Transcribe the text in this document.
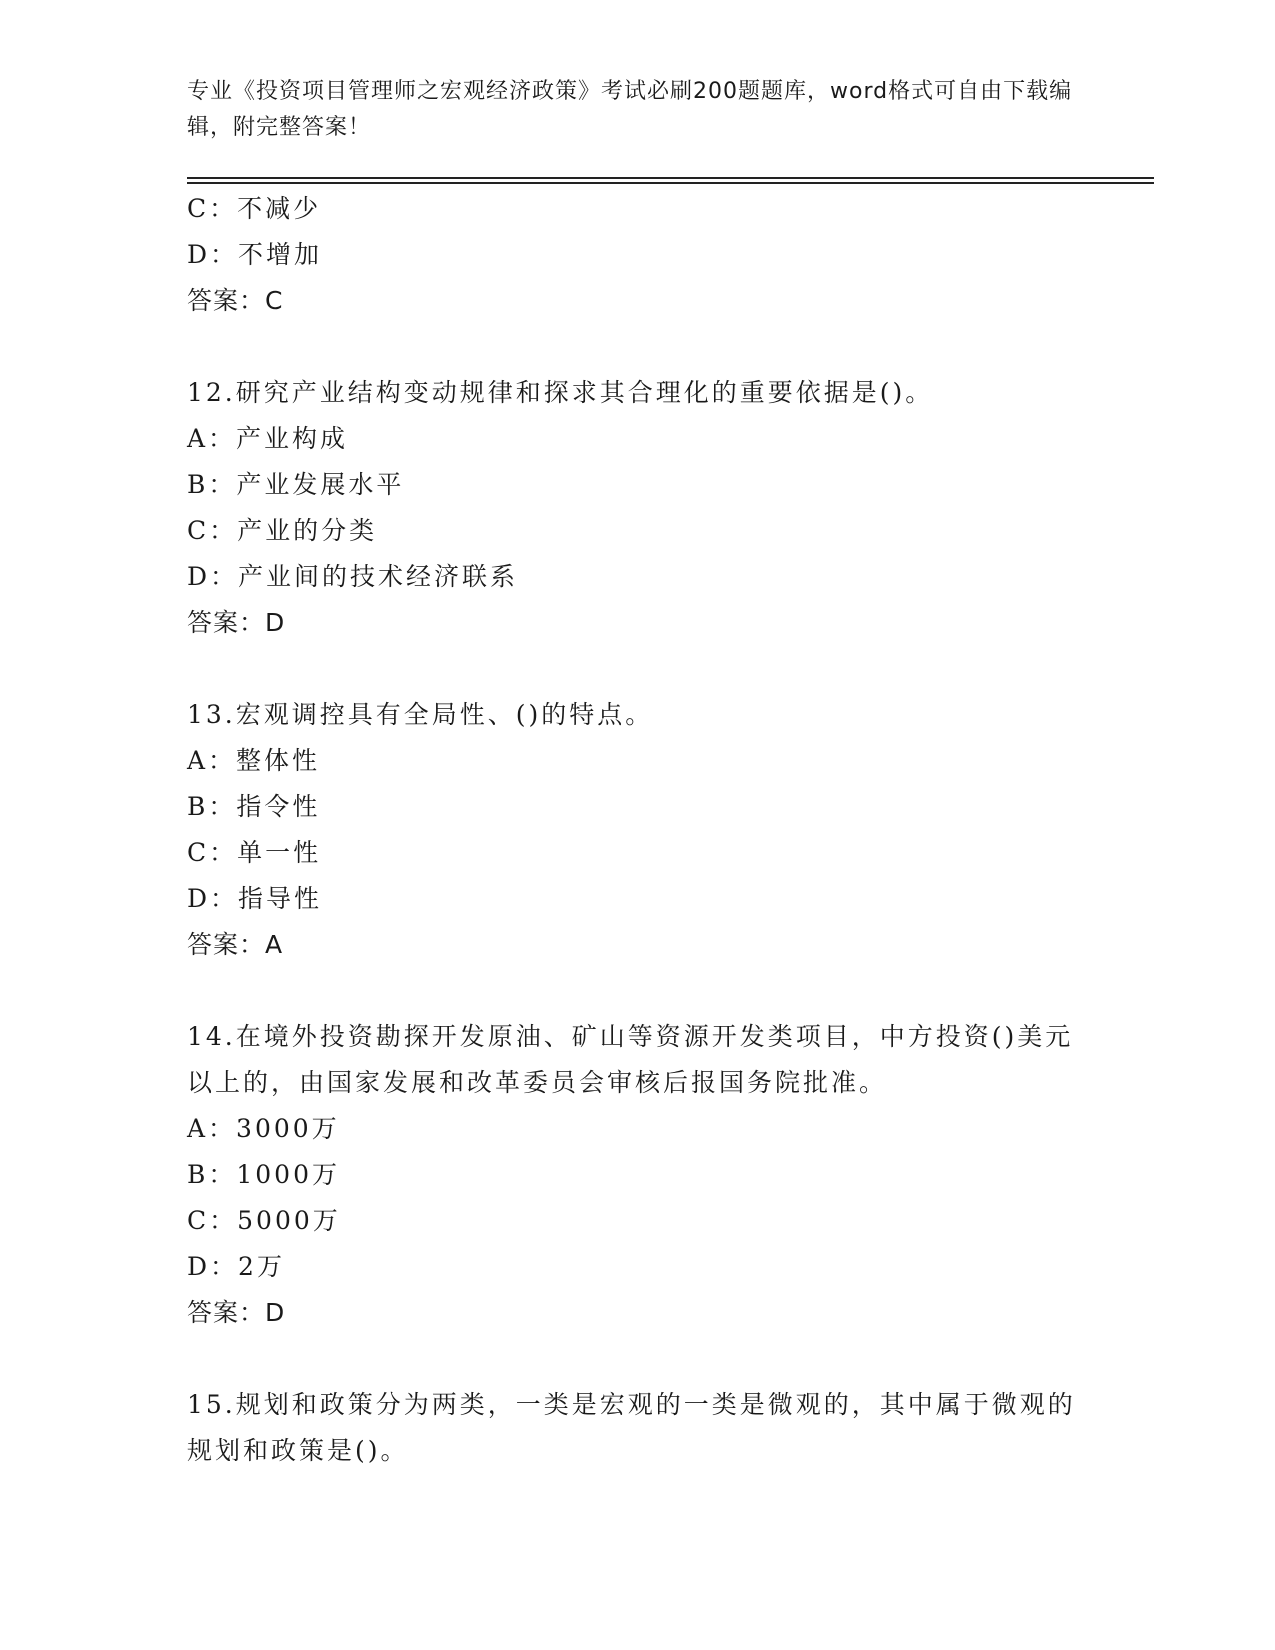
专业《投资项目管理师之宏观经济政策》考试必刷200题题库，word格式可自由下载编辑，附完整答案！

C：不减少

D：不增加

答案：C

12.研究产业结构变动规律和探求其合理化的重要依据是()。

A：产业构成

B：产业发展水平

C：产业的分类

D：产业间的技术经济联系

答案：D

13.宏观调控具有全局性、()的特点。

A：整体性

B：指令性

C：单一性

D：指导性

答案：A

14.在境外投资勘探开发原油、矿山等资源开发类项目，中方投资()美元以上的，由国家发展和改革委员会审核后报国务院批准。

A：3000万

B：1000万

C：5000万

D：2万

答案：D

15.规划和政策分为两类，一类是宏观的一类是微观的，其中属于微观的规划和政策是()。
